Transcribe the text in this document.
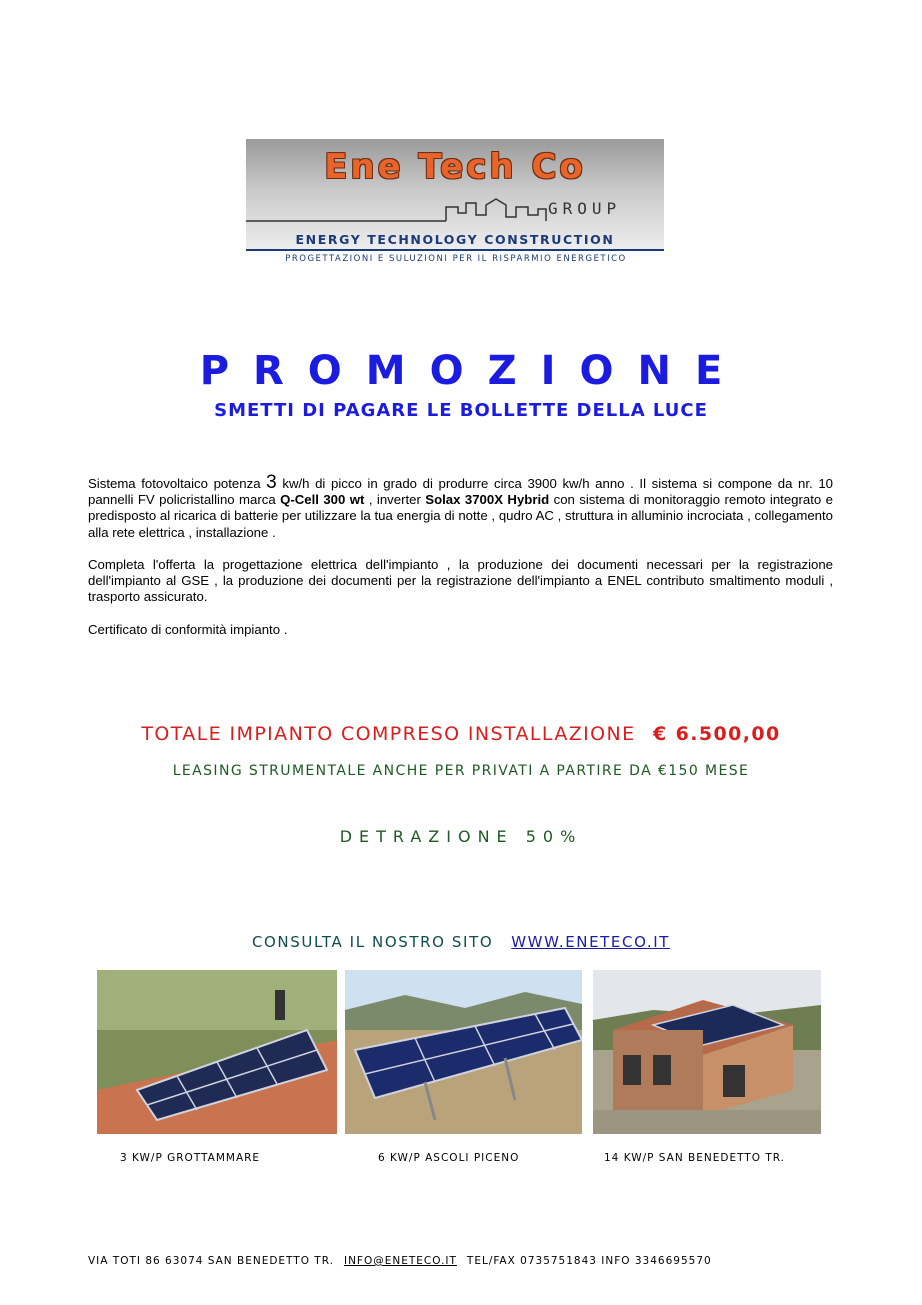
Ene Tech Co
GROUP
ENERGY TECHNOLOGY CONSTRUCTION
PROGETTAZIONI E SULUZIONI PER IL RISPARMIO ENERGETICO
PROMOZIONE
SMETTI DI PAGARE LE BOLLETTE DELLA LUCE
Sistema fotovoltaico potenza 3 kw/h di picco in grado di produrre circa 3900 kw/h anno . Il sistema si compone da nr. 10 pannelli FV policristallino marca Q-Cell 300 wt , inverter Solax 3700X Hybrid con sistema di monitoraggio remoto integrato e predisposto al ricarica di batterie per utilizzare la tua energia di notte , qudro AC , struttura in alluminio incrociata , collegamento alla rete elettrica , installazione .
Completa l'offerta la progettazione elettrica dell'impianto , la produzione dei documenti necessari per la registrazione dell'impianto al GSE , la produzione dei documenti per la registrazione dell'impianto a ENEL contributo smaltimento moduli , trasporto assicurato.
Certificato di conformità impianto .
TOTALE IMPIANTO COMPRESO INSTALLAZIONE € 6.500,00
LEASING STRUMENTALE ANCHE PER PRIVATI A PARTIRE DA €150 MESE
DETRAZIONE 50%
CONSULTA IL NOSTRO SITO WWW.ENETECO.IT
3 KW/P GROTTAMMARE	6 KW/P ASCOLI PICENO	14 KW/P SAN BENEDETTO TR.
VIA TOTI 86 63074 SAN BENEDETTO TR. INFO@ENETECO.IT TEL/FAX 0735751843 INFO 3346695570
